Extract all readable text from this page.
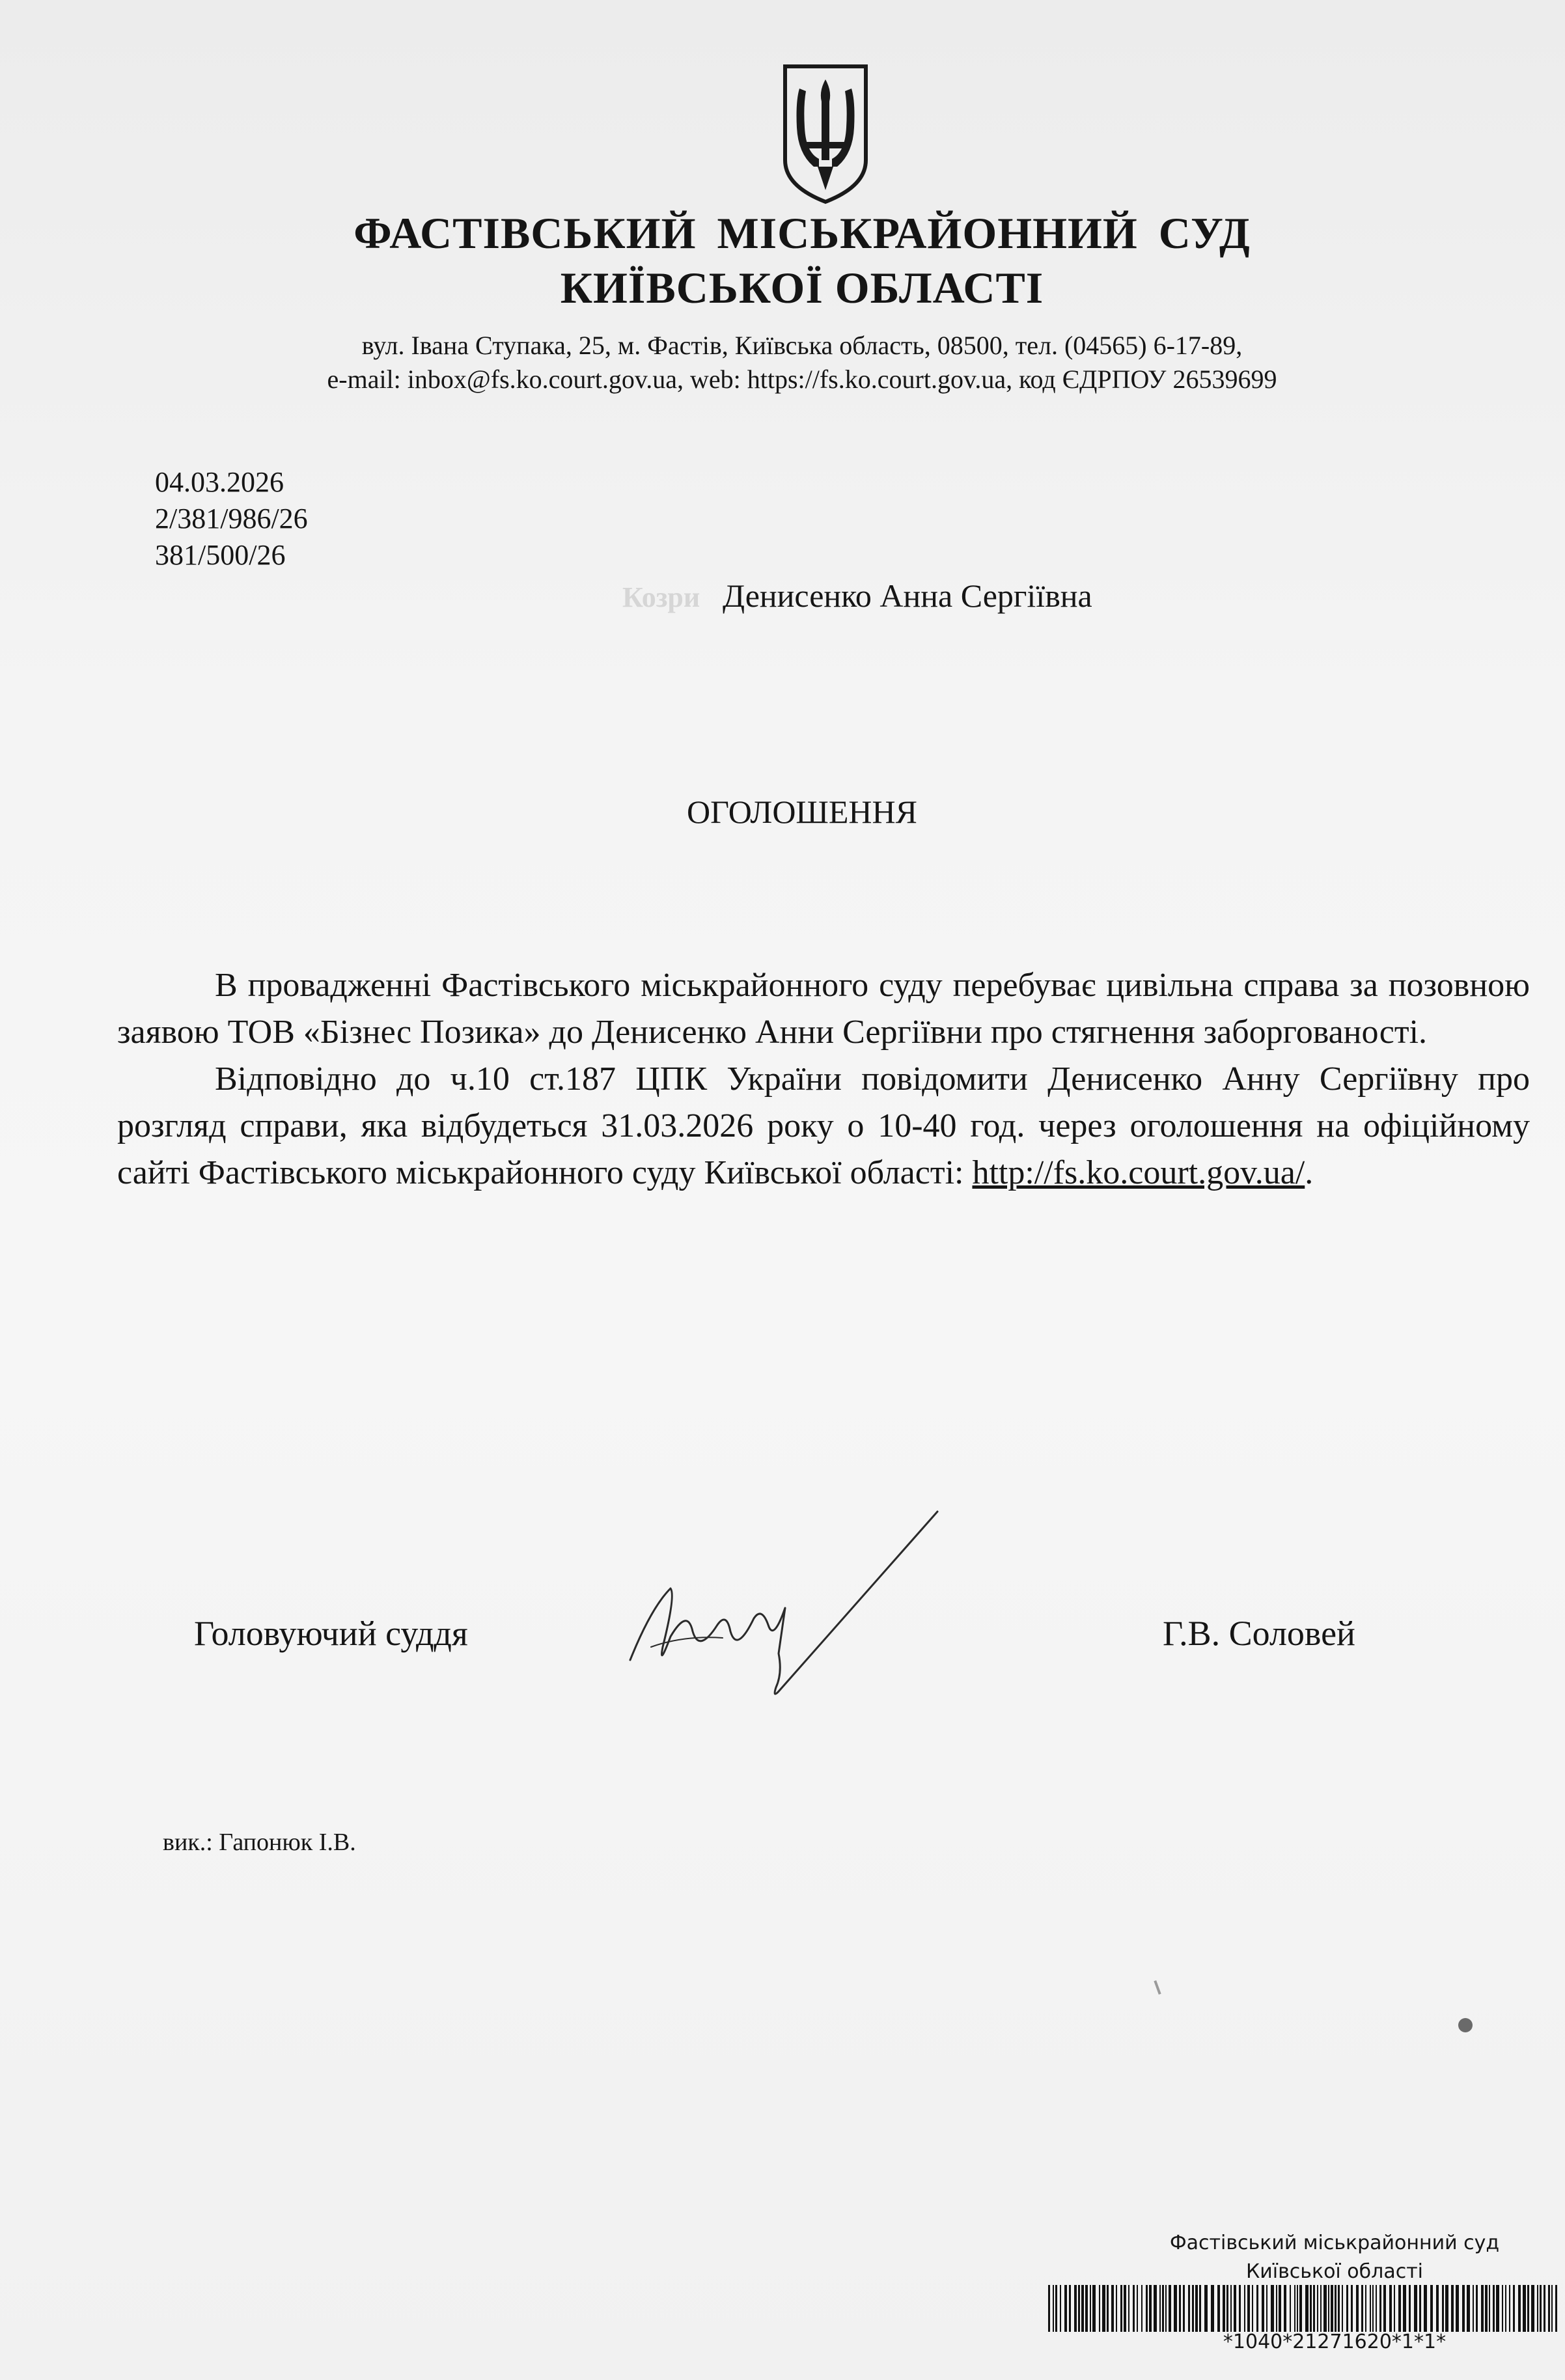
ФАСТІВСЬКИЙ МІСЬКРАЙОННИЙ СУД
КИЇВСЬКОЇ ОБЛАСТІ
вул. Івана Ступака, 25, м. Фастів, Київська область, 08500, тел. (04565) 6-17-89,
e-mail: inbox@fs.ko.court.gov.ua, web: https://fs.ko.court.gov.ua, код ЄДРПОУ 26539699
04.03.2026
2/381/986/26
381/500/26
Козри Денисенко Анна Сергіївна
ОГОЛОШЕННЯ

В провадженні Фастівського міськрайонного суду перебуває цивільна справа за позовною заявою ТОВ «Бізнес Позика» до Денисенко Анни Сергіївни про стягнення заборгованості.

Відповідно до ч.10 ст.187 ЦПК України повідомити Денисенко Анну Сергіївну про розгляд справи, яка відбудеться 31.03.2026 року о 10-40 год. через оголошення на офіційному сайті Фастівського міськрайонного суду Київської області: http://fs.ko.court.gov.ua/.

Головуючий суддя	Г.В. Соловей
вик.: Гапонюк І.В.
Фастівський міськрайонний суд
Київської області
*1040*21271620*1*1*
